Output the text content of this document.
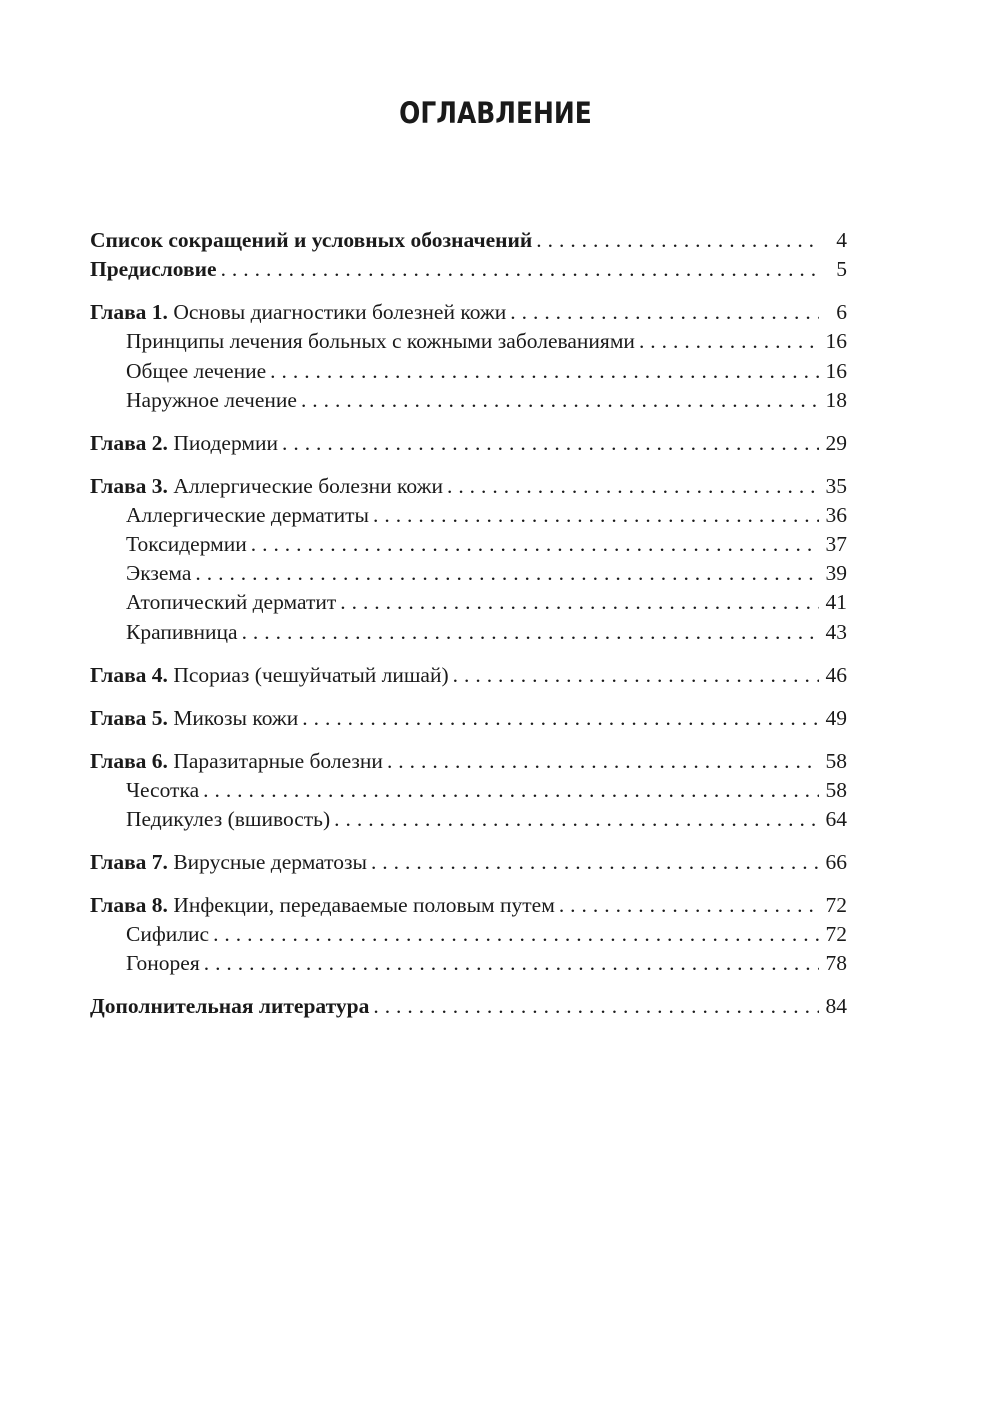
ОГЛАВЛЕНИЕ
Список сокращений и условных обозначений . . .	4
Предисловие . . .	5
Глава 1. Основы диагностики болезней кожи . . .	6
Принципы лечения больных с кожными заболеваниями . . .	16
Общее лечение . . .	16
Наружное лечение . . .	18
Глава 2. Пиодермии . . .	29
Глава 3. Аллергические болезни кожи . . .	35
Аллергические дерматиты . . .	36
Токсидермии . . .	37
Экзема . . .	39
Атопический дерматит . . .	41
Крапивница . . .	43
Глава 4. Псориаз (чешуйчатый лишай) . . .	46
Глава 5. Микозы кожи . . .	49
Глава 6. Паразитарные болезни . . .	58
Чесотка . . .	58
Педикулез (вшивость) . . .	64
Глава 7. Вирусные дерматозы . . .	66
Глава 8. Инфекции, передаваемые половым путем . . .	72
Сифилис . . .	72
Гонорея . . .	78
Дополнительная литература . . .	84
